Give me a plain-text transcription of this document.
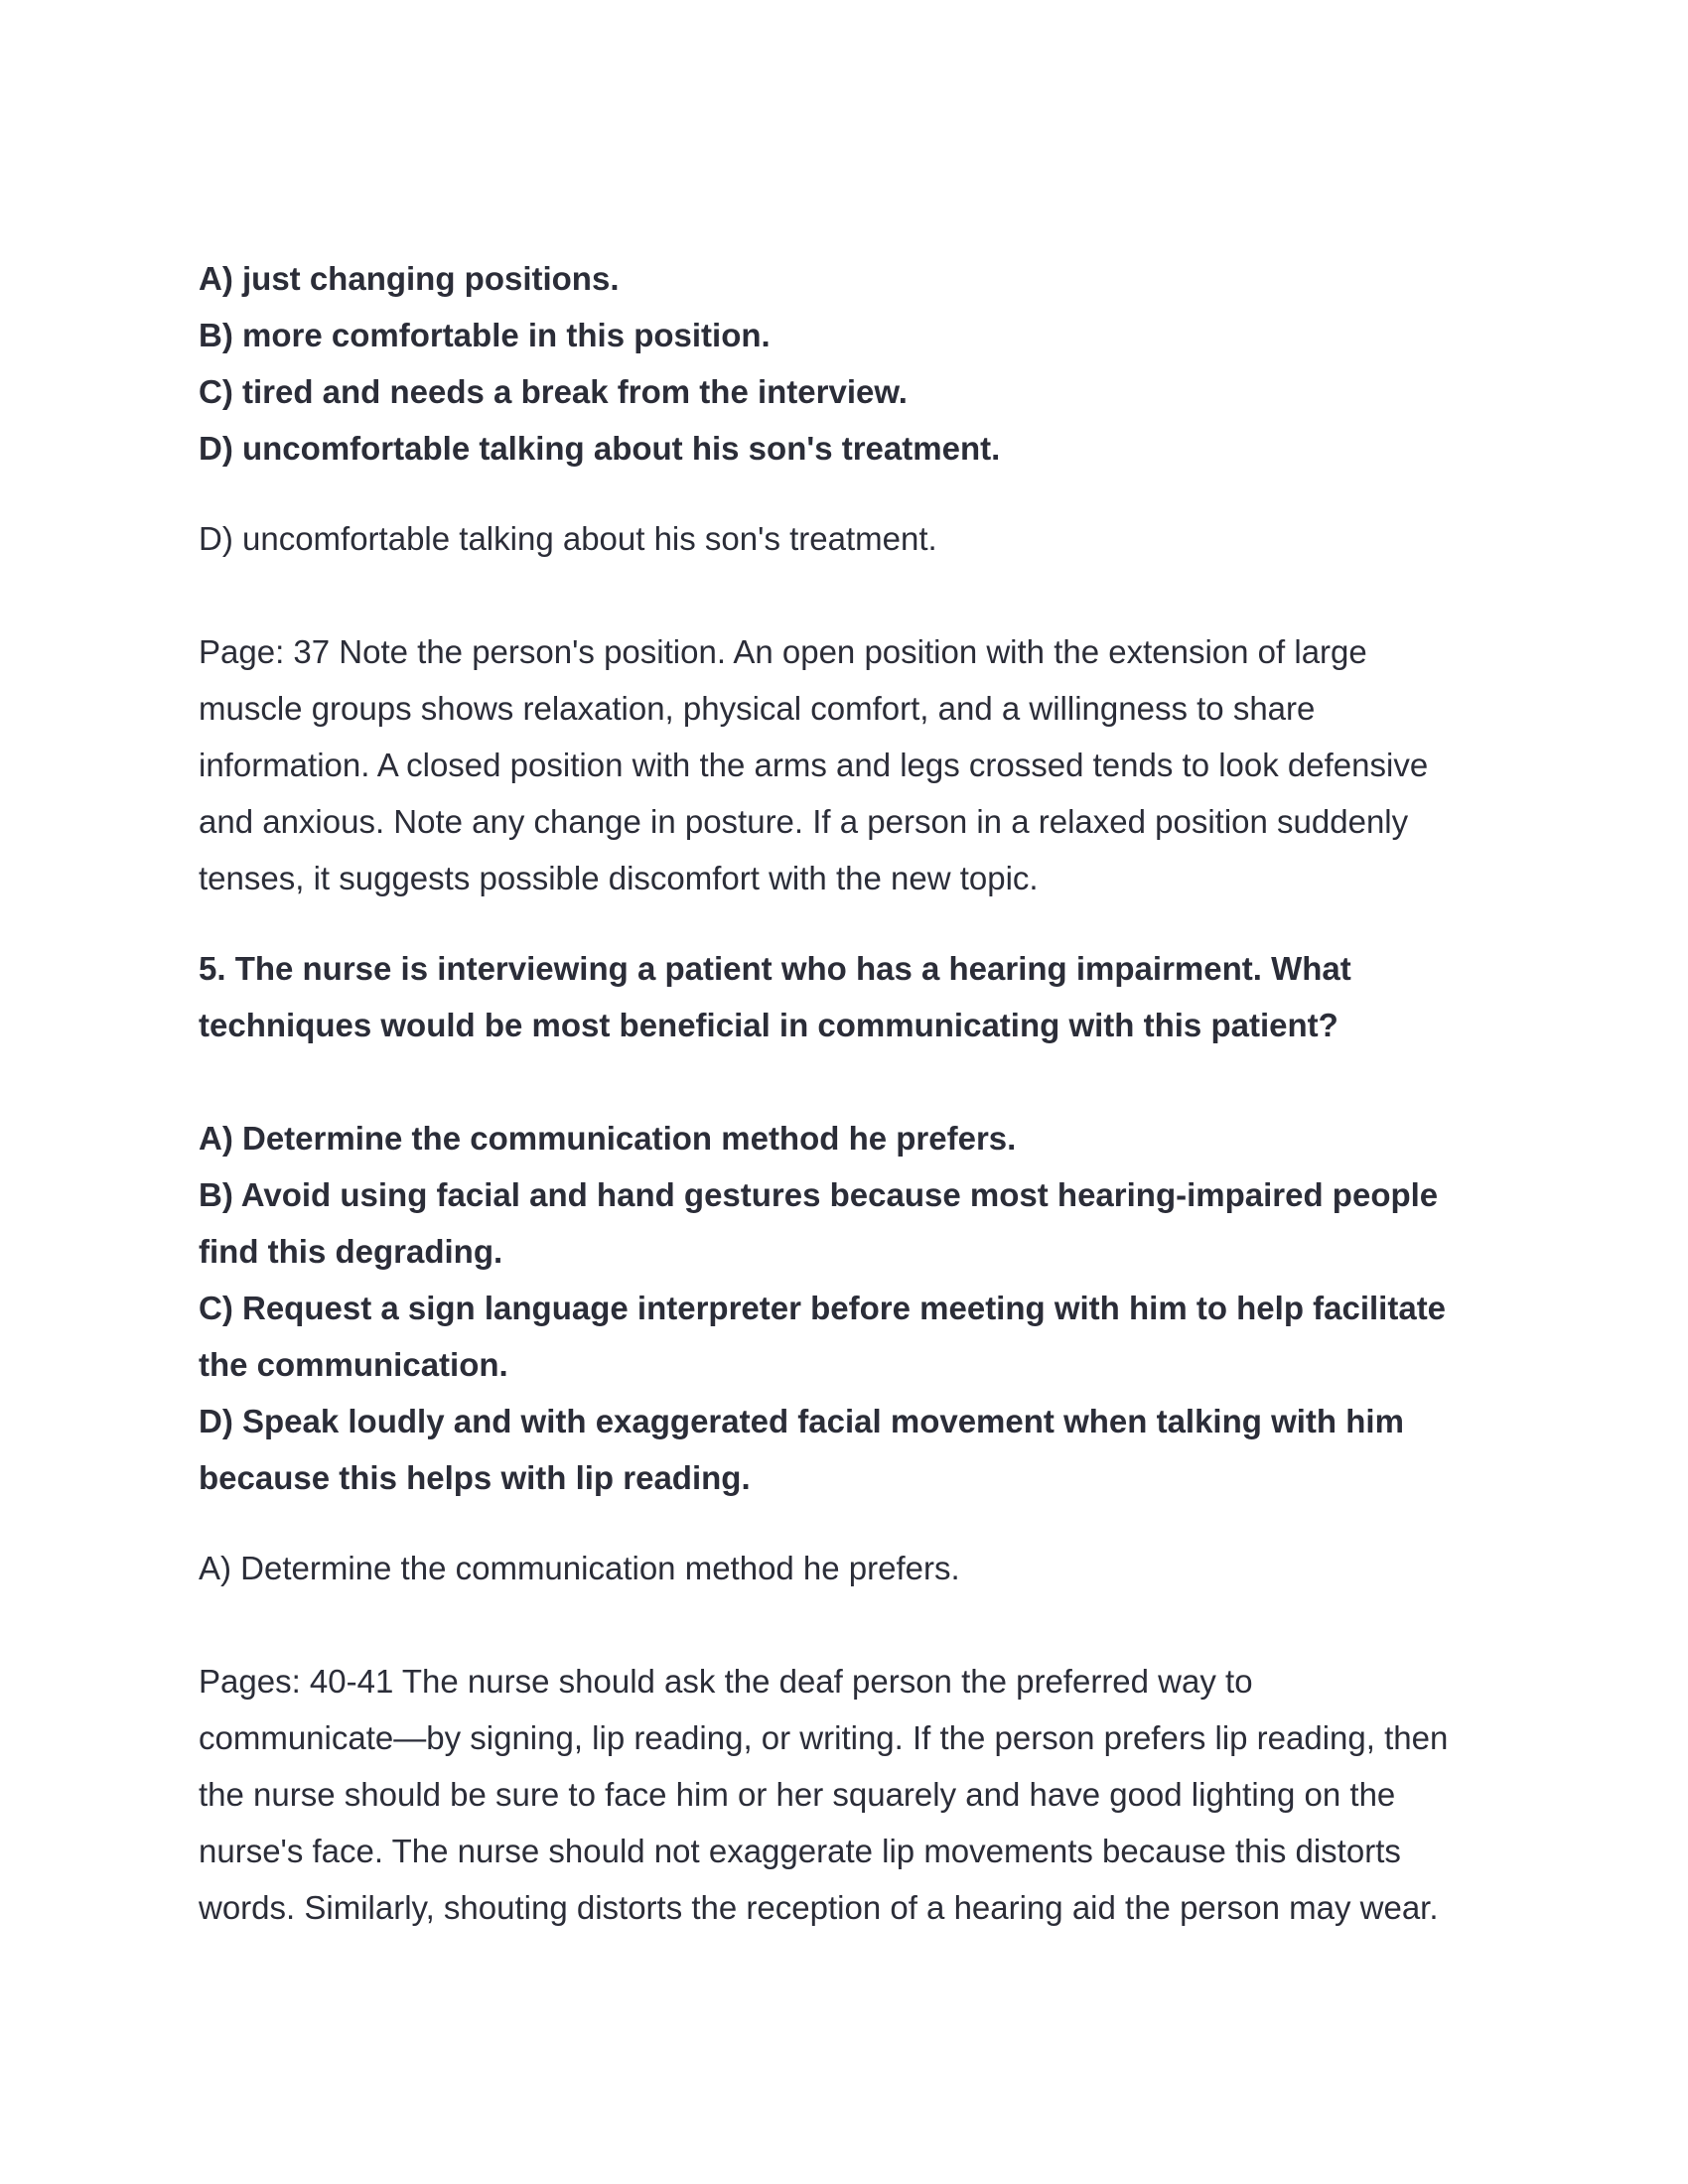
A) just changing positions.
B) more comfortable in this position.
C) tired and needs a break from the interview.
D) uncomfortable talking about his son's treatment.
D) uncomfortable talking about his son's treatment.
Page: 37 Note the person's position. An open position with the extension of large
muscle groups shows relaxation, physical comfort, and a willingness to share
information. A closed position with the arms and legs crossed tends to look defensive
and anxious. Note any change in posture. If a person in a relaxed position suddenly
tenses, it suggests possible discomfort with the new topic.
5. The nurse is interviewing a patient who has a hearing impairment. What
techniques would be most beneficial in communicating with this patient?
A) Determine the communication method he prefers.
B) Avoid using facial and hand gestures because most hearing-impaired people
find this degrading.
C) Request a sign language interpreter before meeting with him to help facilitate
the communication.
D) Speak loudly and with exaggerated facial movement when talking with him
because this helps with lip reading.
A) Determine the communication method he prefers.
Pages: 40-41 The nurse should ask the deaf person the preferred way to
communicate—by signing, lip reading, or writing. If the person prefers lip reading, then
the nurse should be sure to face him or her squarely and have good lighting on the
nurse's face. The nurse should not exaggerate lip movements because this distorts
words. Similarly, shouting distorts the reception of a hearing aid the person may wear.
